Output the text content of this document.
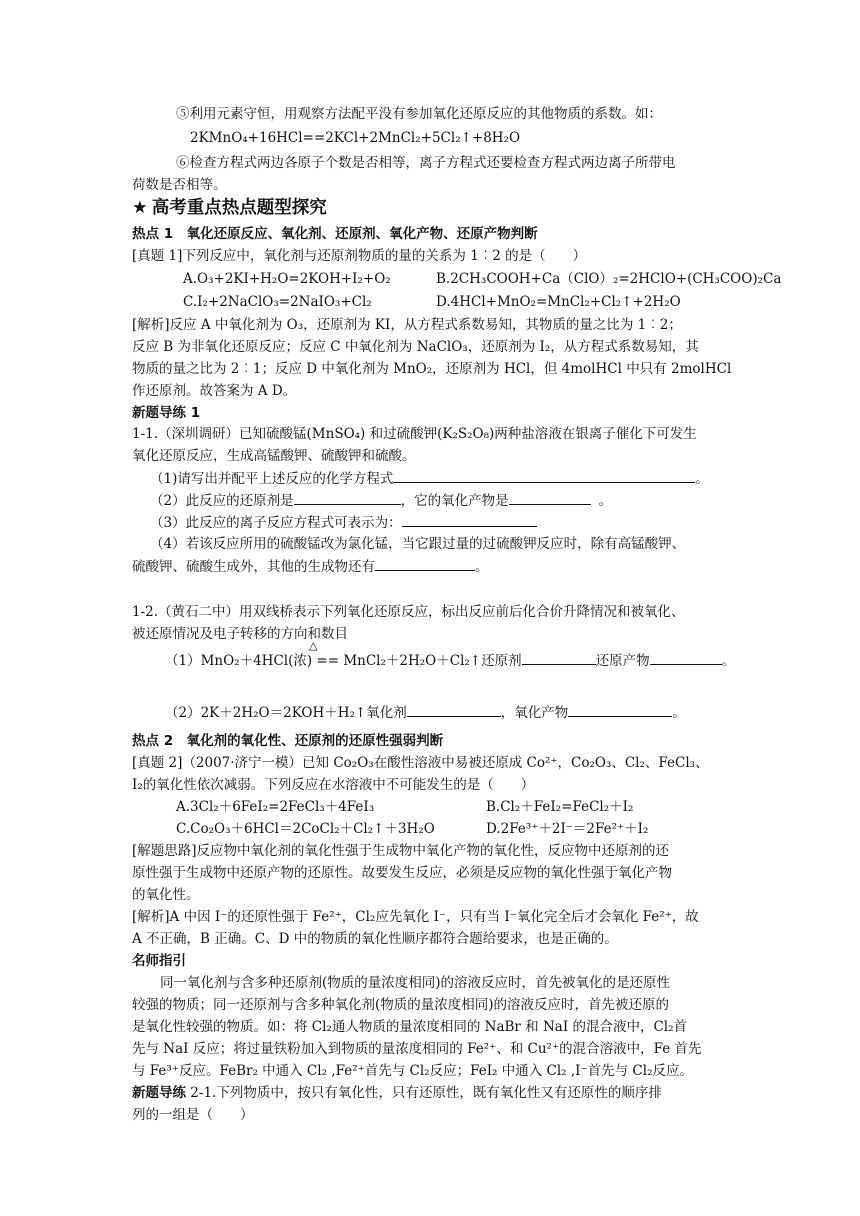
⑤利用元素守恒，用观察方法配平没有参加氧化还原反应的其他物质的系数。如：
2KMnO₄+16HCl==2KCl+2MnCl₂+5Cl₂↑+8H₂O
⑥检查方程式两边各原子个数是否相等，离子方程式还要检查方程式两边离子所带电
荷数是否相等。
★ 高考重点热点题型探究
热点 1　氧化还原反应、氧化剂、还原剂、氧化产物、还原产物判断
[真题 1]下列反应中，氧化剂与还原剂物质的量的关系为 1︰2 的是（　　）
A.O₃+2KI+H₂O=2KOH+I₂+O₂	B.2CH₃COOH+Ca（ClO）₂=2HClO+(CH₃COO)₂Ca
C.I₂+2NaClO₃=2NaIO₃+Cl₂	D.4HCl+MnO₂=MnCl₂+Cl₂↑+2H₂O
[解析]反应 A 中氧化剂为 O₃，还原剂为 KI，从方程式系数易知，其物质的量之比为 1︰2；
反应 B 为非氧化还原反应；反应 C 中氧化剂为 NaClO₃，还原剂为 I₂，从方程式系数易知，其
物质的量之比为 2︰1；反应 D 中氧化剂为 MnO₂，还原剂为 HCl，但 4molHCl 中只有 2molHCl
作还原剂。故答案为 A D。
新题导练 1
1-1.（深圳调研）已知硫酸锰(MnSO₄) 和过硫酸钾(K₂S₂O₈)两种盐溶液在银离子催化下可发生
氧化还原反应，生成高锰酸钾、硫酸钾和硫酸。
（1)请写出并配平上述反应的化学方程式	。
（2）此反应的还原剂是	，它的氧化产物是	。
（3）此反应的离子反应方程式可表示为：
（4）若该反应所用的硫酸锰改为氯化锰，当它跟过量的过硫酸钾反应时，除有高锰酸钾、
硫酸钾、硫酸生成外，其他的生成物还有	。
1-2.（黄石二中）用双线桥表示下列氧化还原反应，标出反应前后化合价升降情况和被氧化、
被还原情况及电子转移的方向和数目
△
（1）MnO₂＋4HCl(浓) == MnCl₂＋2H₂O＋Cl₂↑还原剂	还原产物	。
（2）2K＋2H₂O＝2KOH＋H₂↑氧化剂	，氧化产物	。
热点 2　氧化剂的氧化性、还原剂的还原性强弱判断
[真题 2]（2007·济宁一模）已知 Co₂O₃在酸性溶液中易被还原成 Co²⁺，Co₂O₃、Cl₂、FeCl₃、
I₂的氧化性依次减弱。下列反应在水溶液中不可能发生的是（　　）
A.3Cl₂＋6FeI₂=2FeCl₃＋4FeI₃	B.Cl₂＋FeI₂=FeCl₂＋I₂
C.Co₂O₃＋6HCl＝2CoCl₂＋Cl₂↑＋3H₂O	D.2Fe³⁺＋2I⁻＝2Fe²⁺＋I₂
[解题思路]反应物中氧化剂的氧化性强于生成物中氧化产物的氧化性，反应物中还原剂的还
原性强于生成物中还原产物的还原性。故要发生反应，必须是反应物的氧化性强于氧化产物
的氧化性。
[解析]A 中因 I⁻的还原性强于 Fe²⁺，Cl₂应先氧化 I⁻，只有当 I⁻氧化完全后才会氧化 Fe²⁺，故
A 不正确，B 正确。C、D 中的物质的氧化性顺序都符合题给要求，也是正确的。
名师指引
同一氧化剂与含多种还原剂(物质的量浓度相同)的溶液反应时，首先被氧化的是还原性
较强的物质；同一还原剂与含多种氧化剂(物质的量浓度相同)的溶液反应时，首先被还原的
是氧化性较强的物质。如：将 Cl₂通人物质的量浓度相同的 NaBr 和 NaI 的混合液中，Cl₂首
先与 NaI 反应；将过量铁粉加入到物质的量浓度相同的 Fe²⁺、和 Cu²⁺的混合溶液中，Fe 首先
与 Fe³⁺反应。FeBr₂ 中通入 Cl₂ ,Fe²⁺首先与 Cl₂反应；FeI₂ 中通入 Cl₂ ,I⁻首先与 Cl₂反应。
新题导练 2-1.下列物质中，按只有氧化性，只有还原性，既有氧化性又有还原性的顺序排
列的一组是（　　）
